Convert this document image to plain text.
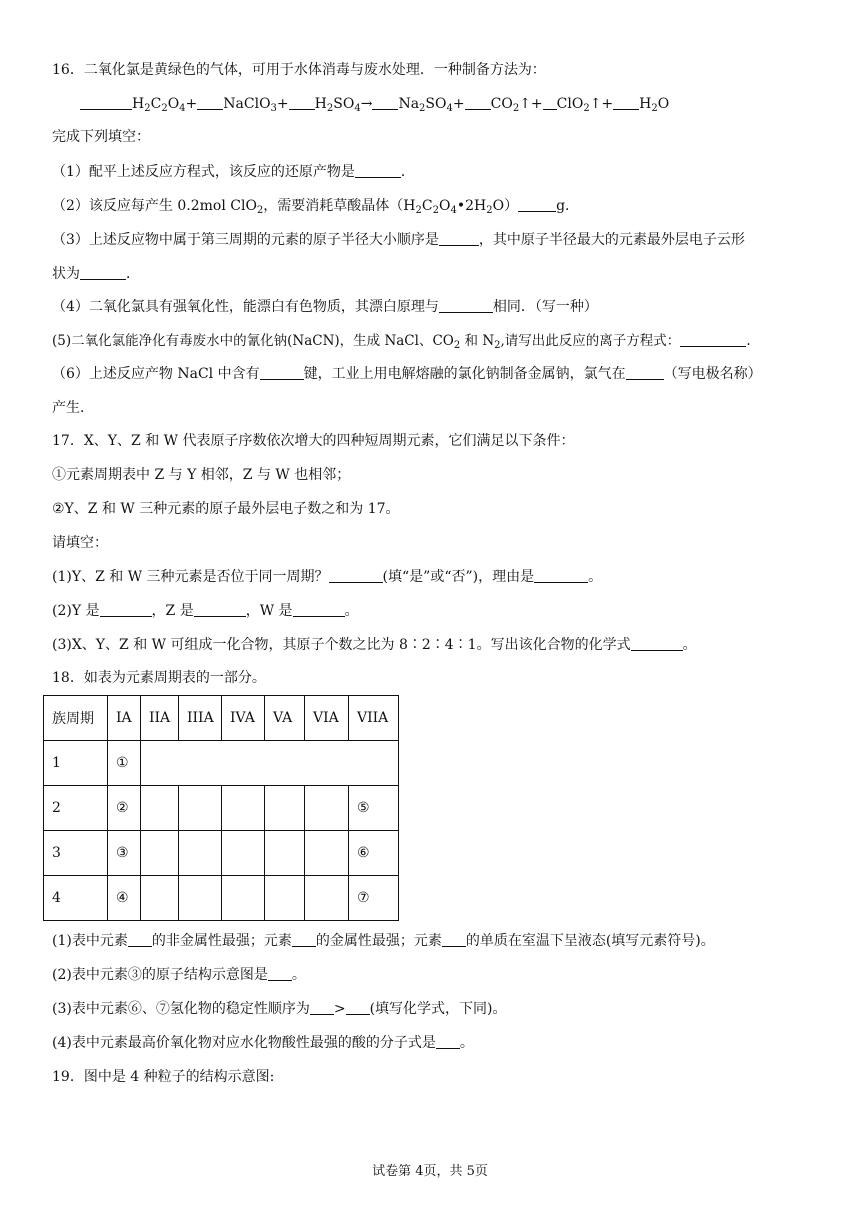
16．二氧化氯是黄绿色的气体，可用于水体消毒与废水处理．一种制备方法为：
$H_2C_2O_4+$ NaClO$_3$+ $H_2SO_4\to Na_2SO_4+$ $CO_2↑+$ ClO$_2$↑+ $H_2O$
完成下列填空：
（1）配平上述反应方程式，该反应的还原产物是	．
（2）该反应每产生 0.2mol ClO$_2$，需要消耗草酸晶体$(H_2C_2O_4•2H_2O)$	g．
（3）上述反应物中属于第三周期的元素的原子半径大小顺序是	，其中原子半径最大的元素最外层电子云形
状为	．
（4）二氧化氯具有强氧化性，能漂白有色物质，其漂白原理与	相同．（写一种）
(5)二氧化氯能净化有毒废水中的氰化钠(NaCN)，生成 NaCl、$CO_2$ 和 $N_2$,请写出此反应的离子方程式：	.
（6）上述反应产物 NaCl 中含有	键，工业上用电解熔融的氯化钠制备金属钠，氯气在	（写电极名称）
产生．
17．X、Y、Z 和 W 代表原子序数依次增大的四种短周期元素，它们满足以下条件：
①元素周期表中 Z 与 Y 相邻，Z 与 W 也相邻；
②Y、Z 和 W 三种元素的原子最外层电子数之和为 17。
请填空：
(1)Y、Z 和 W 三种元素是否位于同一周期？	(填“是”或“否”)，理由是	。
(2)Y 是	，Z 是	，W 是	。
(3)X、Y、Z 和 W 可组成一化合物，其原子个数之比为 8∶2∶4∶1。写出该化合物的化学式	。
18．如表为元素周期表的一部分。
族周期	IA	IIA	IIIA	IVA	VA	VIA	VIIA
1	①						
2	②						⑤
3	③						⑥
4	④						⑦
(1)表中元素 的非金属性最强；元素 的金属性最强；元素 的单质在室温下呈液态(填写元素符号)。
(2)表中元素③的原子结构示意图是 。
(3)表中元素⑥、⑦氢化物的稳定性顺序为 > (填写化学式，下同)。
(4)表中元素最高价氧化物对应水化物酸性最强的酸的分子式是 。
19．图中是 4 种粒子的结构示意图:
试卷第 4页，共 5页
